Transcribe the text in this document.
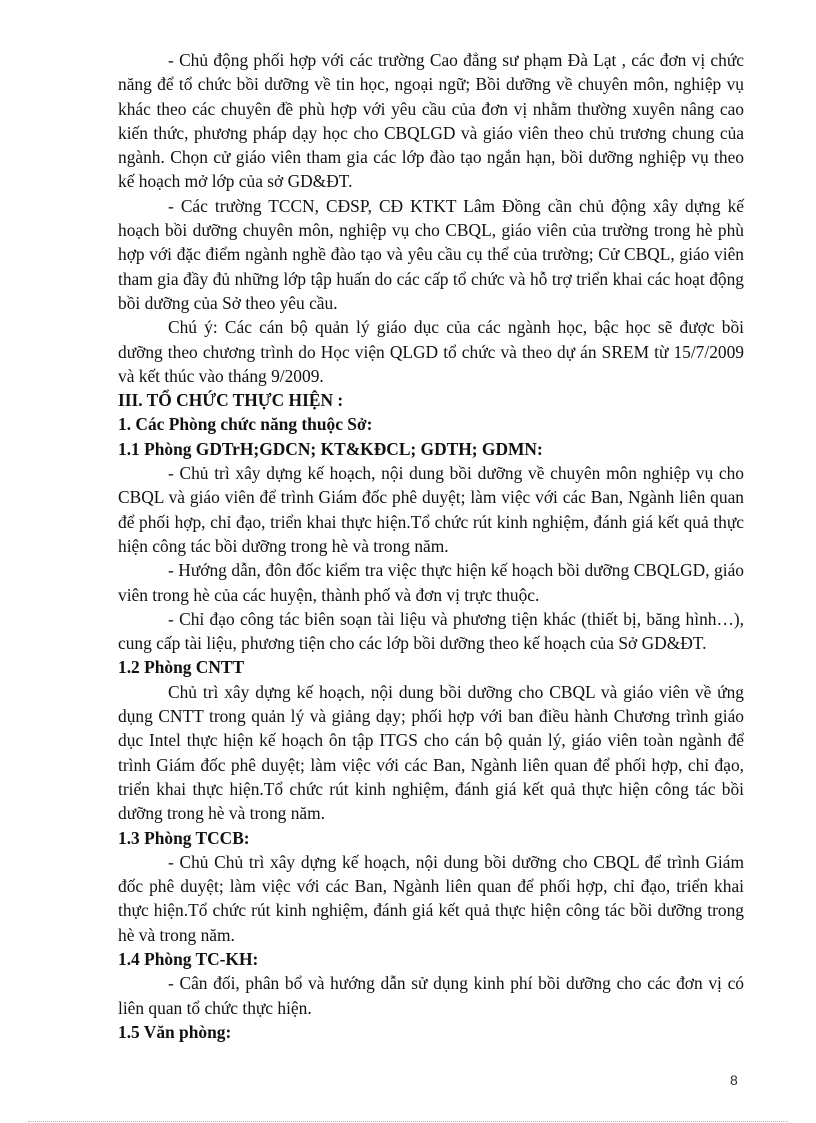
- Chủ động phối hợp với các trường Cao đẳng sư phạm Đà Lạt , các đơn vị chức năng để tổ chức bồi dưỡng về tin học, ngoại ngữ; Bồi dưỡng về chuyên môn, nghiệp vụ khác theo các chuyên đề phù hợp với yêu cầu của đơn vị nhằm thường xuyên nâng cao kiến thức, phương pháp dạy học cho CBQLGD và giáo viên theo chủ trương chung của ngành. Chọn cử giáo viên tham gia các lớp đào tạo ngắn hạn, bồi dưỡng nghiệp vụ theo kế hoạch mở lớp của sở GD&ĐT.

- Các trường TCCN, CĐSP, CĐ KTKT Lâm Đồng cần chủ động xây dựng kế hoạch bồi dưỡng chuyên môn, nghiệp vụ cho CBQL, giáo viên của trường trong hè phù hợp với đặc điểm ngành nghề đào tạo và yêu cầu cụ thể của trường; Cử CBQL, giáo viên tham gia đầy đủ những lớp tập huấn do các cấp tổ chức và hỗ trợ triển khai các hoạt động bồi dưỡng của Sở theo yêu cầu.

Chú ý: Các cán bộ quản lý giáo dục của các ngành học, bậc học sẽ được bồi dưỡng theo chương trình do Học viện QLGD tổ chức và theo dự án SREM từ 15/7/2009 và kết thúc vào tháng 9/2009.

III. TỔ CHỨC THỰC HIỆN :
1. Các Phòng chức năng thuộc Sở:
1.1 Phòng GDTrH;GDCN; KT&KĐCL; GDTH; GDMN:

- Chủ trì xây dựng kế hoạch, nội dung bồi dưỡng về chuyên môn nghiệp vụ cho CBQL và giáo viên để trình Giám đốc phê duyệt; làm việc với các Ban, Ngành liên quan để phối hợp, chỉ đạo, triển khai thực hiện.Tổ chức rút kinh nghiệm, đánh giá kết quả thực hiện công tác bồi dưỡng trong hè và trong năm.

- Hướng dẫn, đôn đốc kiểm tra việc thực hiện kế hoạch bồi dưỡng CBQLGD, giáo viên trong hè của các huyện, thành phố và đơn vị trực thuộc.

- Chỉ đạo công tác biên soạn tài liệu và phương tiện khác (thiết bị, băng hình…), cung cấp tài liệu, phương tiện cho các lớp bồi dưỡng theo kế hoạch của Sở GD&ĐT.

1.2 Phòng CNTT

Chủ trì xây dựng kế hoạch, nội dung bồi dưỡng cho CBQL và giáo viên về ứng dụng CNTT trong quản lý và giảng dạy; phối hợp với ban điều hành Chương trình giáo dục Intel thực hiện kế hoạch ôn tập ITGS cho cán bộ quản lý, giáo viên toàn ngành để trình Giám đốc phê duyệt; làm việc với các Ban, Ngành liên quan để phối hợp, chỉ đạo, triển khai thực hiện.Tổ chức rút kinh nghiệm, đánh giá kết quả thực hiện công tác bồi dưỡng trong hè và trong năm.

1.3 Phòng TCCB:

- Chủ Chủ trì xây dựng kế hoạch, nội dung bồi dưỡng cho CBQL để trình Giám đốc phê duyệt; làm việc với các Ban, Ngành liên quan để phối hợp, chỉ đạo, triển khai thực hiện.Tổ chức rút kinh nghiệm, đánh giá kết quả thực hiện công tác bồi dưỡng trong hè và trong năm.

1.4 Phòng TC-KH:

- Cân đối, phân bổ và hướng dẫn sử dụng kinh phí bồi dưỡng cho các đơn vị có liên quan tổ chức thực hiện.

1.5 Văn phòng:
8
